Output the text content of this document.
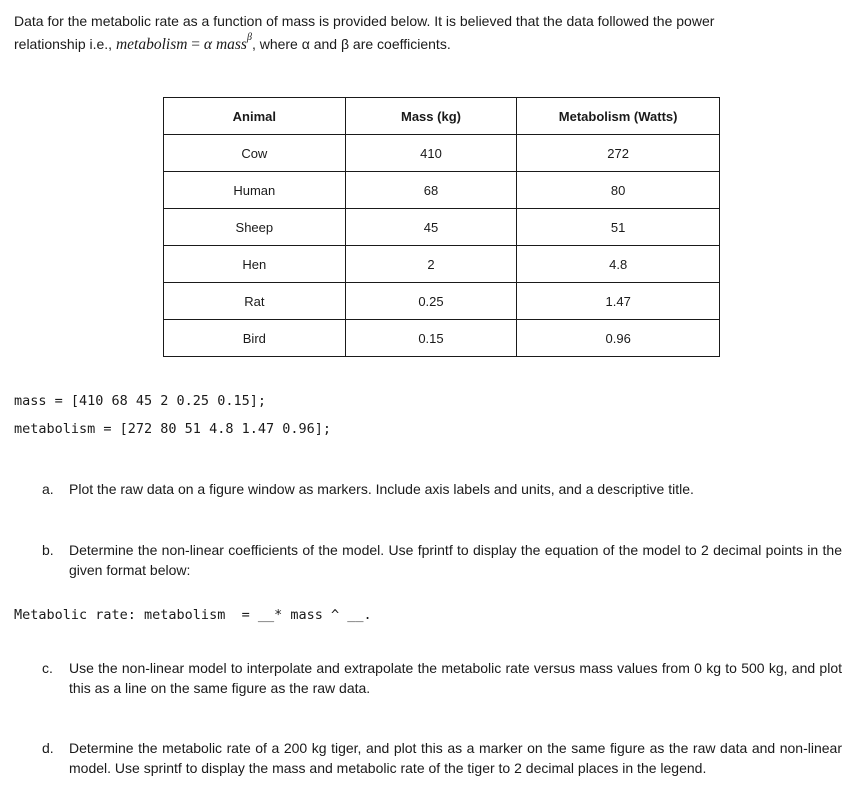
Data for the metabolic rate as a function of mass is provided below. It is believed that the data followed the power
relationship i.e., metabolism = α mass$^\beta$, where α and β are coefficients.
Animal	Mass (kg)	Metabolism (Watts)
Cow	410	272
Human	68	80
Sheep	45	51
Hen	2	4.8
Rat	0.25	1.47
Bird	0.15	0.96
mass = [410 68 45 2 0.25 0.15];
metabolism = [272 80 51 4.8 1.47 0.96];
a. Plot the raw data on a figure window as markers. Include axis labels and units, and a descriptive title.
b. Determine the non-linear coefficients of the model. Use fprintf to display the equation of the model to 2 decimal points in the given format below:
Metabolic rate: metabolism  = __* mass ^ __.
c. Use the non-linear model to interpolate and extrapolate the metabolic rate versus mass values from 0 kg to 500 kg, and plot this as a line on the same figure as the raw data.
d. Determine the metabolic rate of a 200 kg tiger, and plot this as a marker on the same figure as the raw data and non-linear model. Use sprintf to display the mass and metabolic rate of the tiger to 2 decimal places in the legend.
